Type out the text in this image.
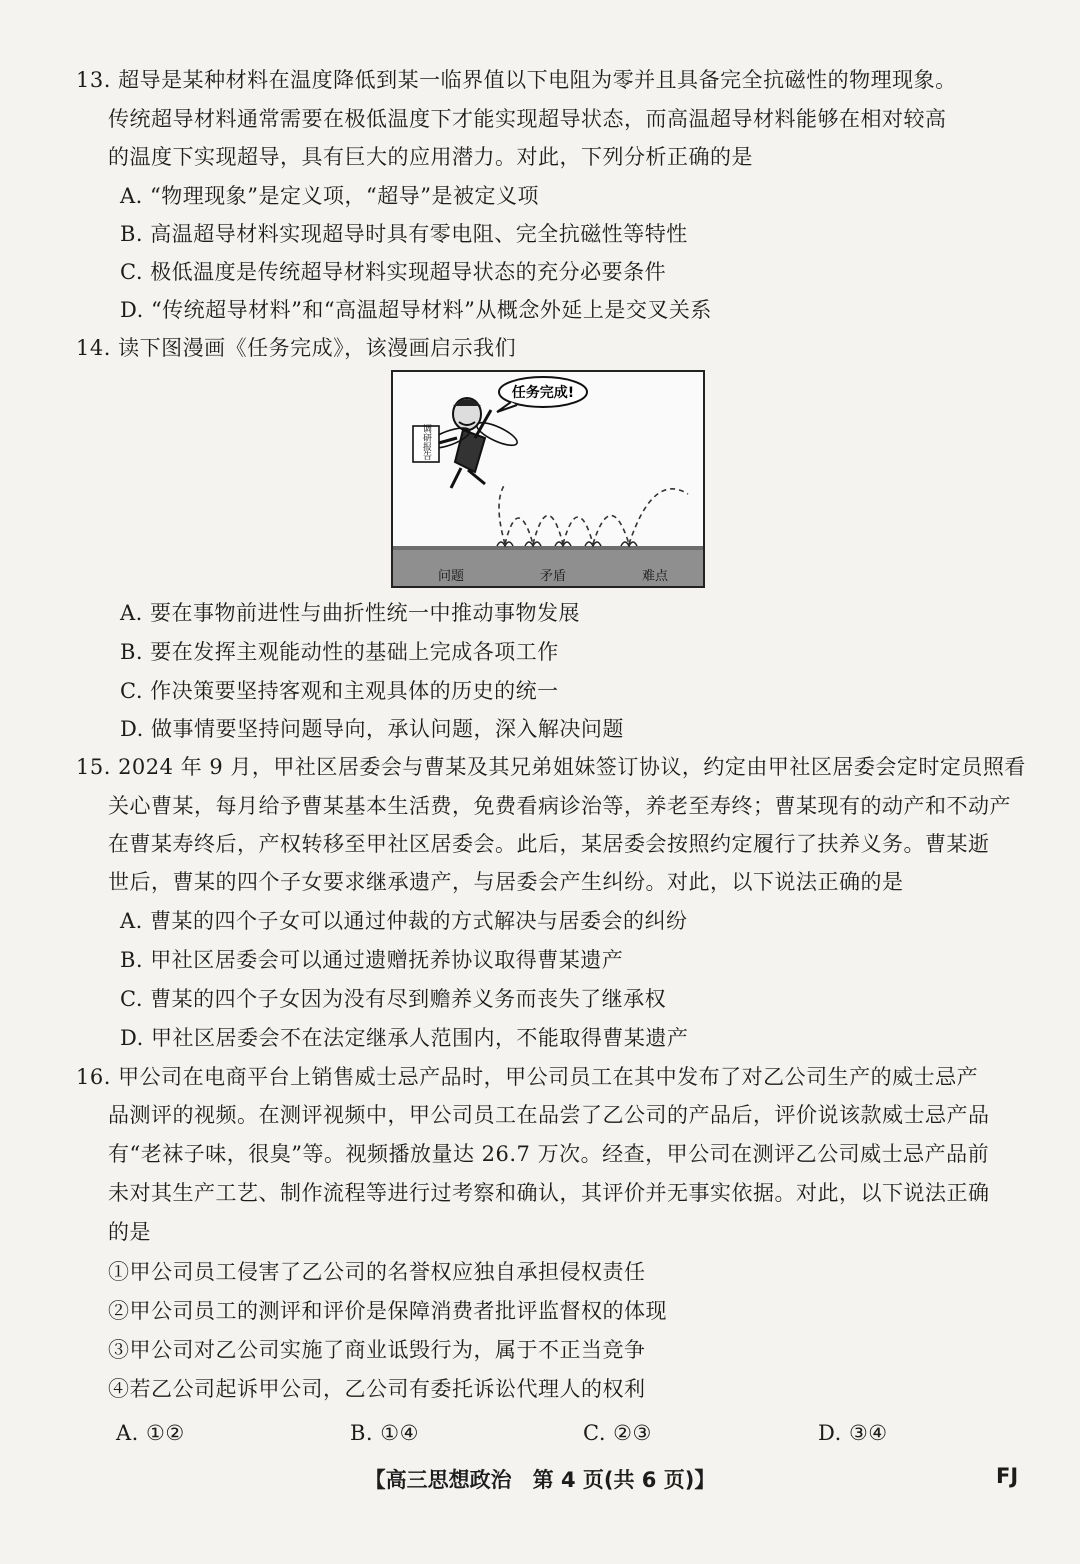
13. 超导是某种材料在温度降低到某一临界值以下电阻为零并且具备完全抗磁性的物理现象。
传统超导材料通常需要在极低温度下才能实现超导状态，而高温超导材料能够在相对较高
的温度下实现超导，具有巨大的应用潜力。对此，下列分析正确的是
A. “物理现象”是定义项，“超导”是被定义项
B. 高温超导材料实现超导时具有零电阻、完全抗磁性等特性
C. 极低温度是传统超导材料实现超导状态的充分必要条件
D. “传统超导材料”和“高温超导材料”从概念外延上是交叉关系
14. 读下图漫画《任务完成》，该漫画启示我们
调研报告
任务完成!
问题	矛盾	难点
A. 要在事物前进性与曲折性统一中推动事物发展
B. 要在发挥主观能动性的基础上完成各项工作
C. 作决策要坚持客观和主观具体的历史的统一
D. 做事情要坚持问题导向，承认问题，深入解决问题
15. 2024 年 9 月，甲社区居委会与曹某及其兄弟姐妹签订协议，约定由甲社区居委会定时定员照看
关心曹某，每月给予曹某基本生活费，免费看病诊治等，养老至寿终；曹某现有的动产和不动产
在曹某寿终后，产权转移至甲社区居委会。此后，某居委会按照约定履行了扶养义务。曹某逝
世后，曹某的四个子女要求继承遗产，与居委会产生纠纷。对此，以下说法正确的是
A. 曹某的四个子女可以通过仲裁的方式解决与居委会的纠纷
B. 甲社区居委会可以通过遗赠抚养协议取得曹某遗产
C. 曹某的四个子女因为没有尽到赡养义务而丧失了继承权
D. 甲社区居委会不在法定继承人范围内，不能取得曹某遗产
16. 甲公司在电商平台上销售威士忌产品时，甲公司员工在其中发布了对乙公司生产的威士忌产
品测评的视频。在测评视频中，甲公司员工在品尝了乙公司的产品后，评价说该款威士忌产品
有“老袜子味，很臭”等。视频播放量达 26.7 万次。经查，甲公司在测评乙公司威士忌产品前
未对其生产工艺、制作流程等进行过考察和确认，其评价并无事实依据。对此，以下说法正确
的是
①甲公司员工侵害了乙公司的名誉权应独自承担侵权责任
②甲公司员工的测评和评价是保障消费者批评监督权的体现
③甲公司对乙公司实施了商业诋毁行为，属于不正当竞争
④若乙公司起诉甲公司，乙公司有委托诉讼代理人的权利
A. ①②	B. ①④	C. ②③	D. ③④
【高三思想政治　第 4 页(共 6 页)】	FJ
